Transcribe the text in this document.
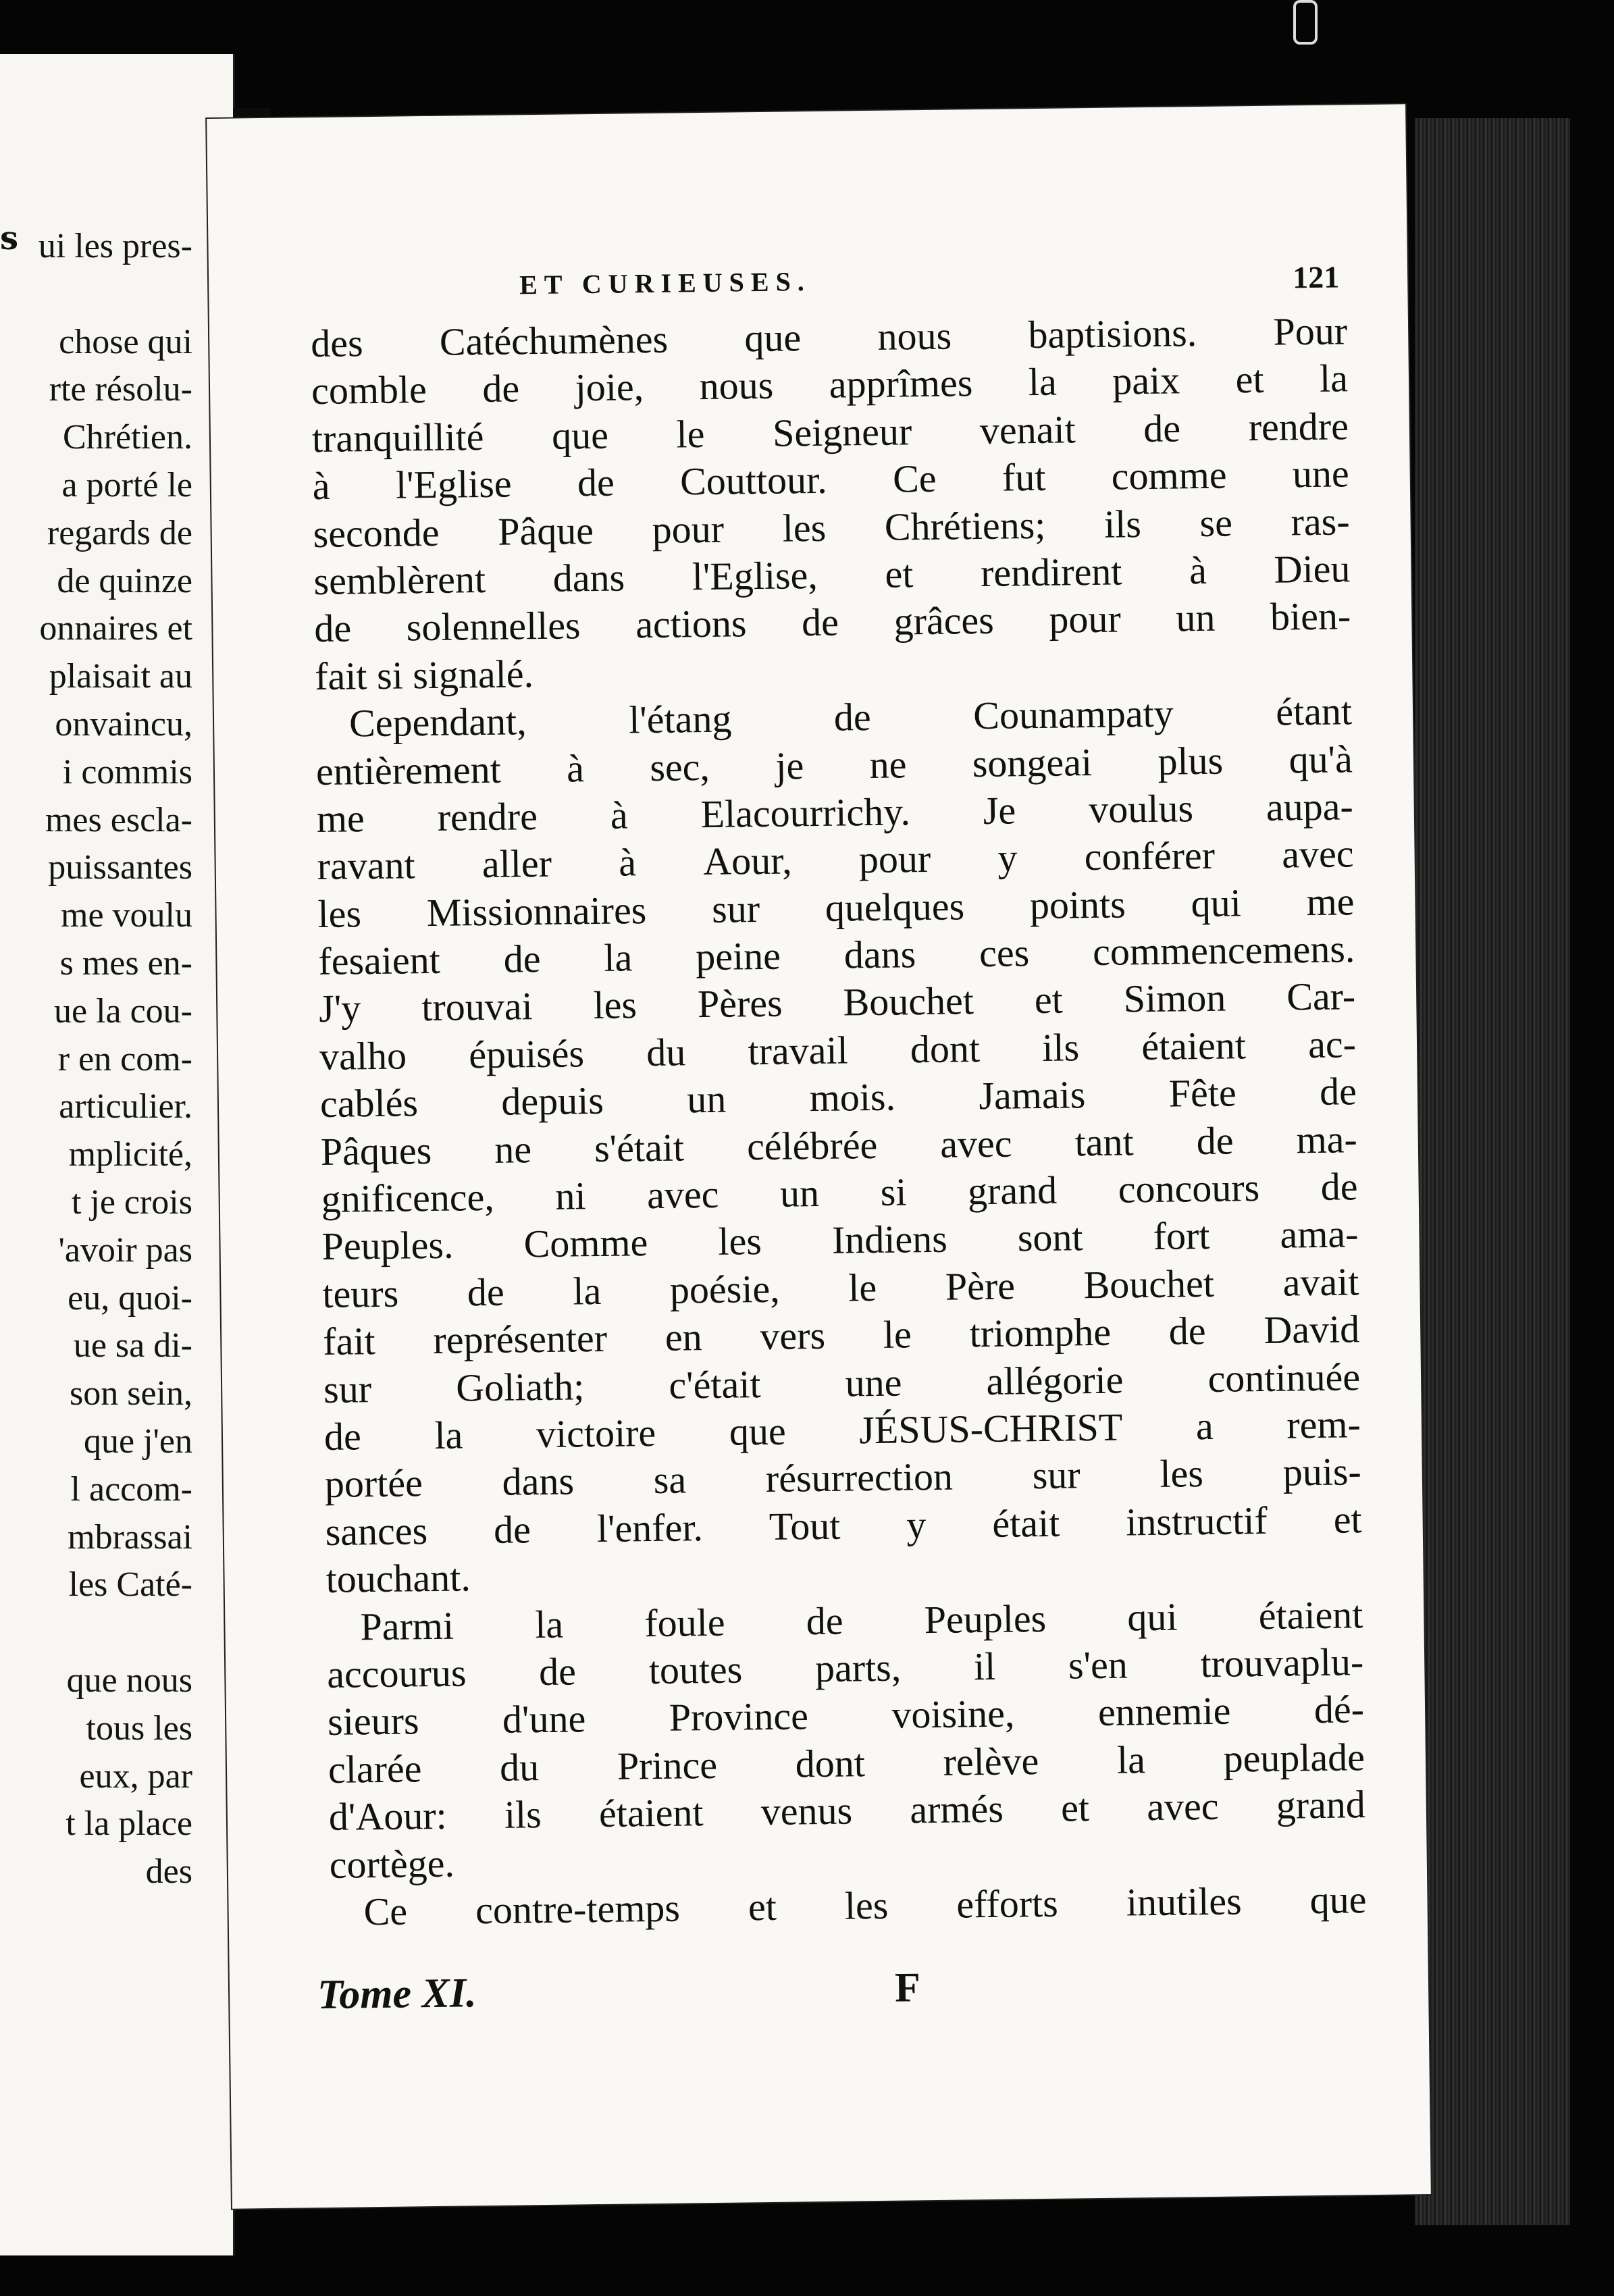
s ui les pres-
chose qui
rte résolu-
Chrétien.
a porté le
regards de
de quinze
onnaires et
plaisait au
onvaincu,
i commis
mes escla-
puissantes
me voulu
s mes en-
ue la cou-
r en com-
articulier.
mplicité,
t je crois
'avoir pas
eu, quoi-
ue sa di-
son sein,
que j'en
l accom-
mbrassai
les Caté-
que nous
tous les
eux, par
t la place
des
ET CURIEUSES.	121
des Catéchumènes que nous baptisions. Pour
comble de joie, nous apprîmes la paix et la
tranquillité que le Seigneur venait de rendre
à l'Eglise de Couttour. Ce fut comme une
seconde Pâque pour les Chrétiens; ils se ras-
semblèrent dans l'Eglise, et rendirent à Dieu
de solennelles actions de grâces pour un bien-
fait si signalé.
Cependant,	l'étang	de	Counampaty	étant
entièrement à sec, je ne songeai plus qu'à
me rendre à Elacourrichy. Je voulus aupa-
ravant aller à Aour, pour y conférer avec
les Missionnaires sur quelques points qui me
fesaient de la peine dans ces commencemens.
J'y trouvai les Pères Bouchet et Simon Car-
valho épuisés du travail dont ils étaient ac-
cablés depuis un mois. Jamais Fête de
Pâques ne s'était célébrée avec tant de ma-
gnificence, ni avec un si grand concours de
Peuples. Comme les Indiens sont fort ama-
teurs de la poésie, le Père Bouchet avait
fait représenter en vers le triomphe de David
sur Goliath; c'était une allégorie continuée
de la victoire que JÉSUS-CHRIST a rem-
portée dans sa résurrection sur les puis-
sances de l'enfer. Tout y était instructif et
touchant.
Parmi la foule de Peuples qui étaient
accourus de toutes parts, il s'en trouvaplu-
sieurs d'une Province voisine, ennemie dé-
clarée du Prince dont relève la peuplade
d'Aour: ils étaient venus armés et avec grand
cortège.
Ce contre-temps et les efforts inutiles que
Tome XI.	F
